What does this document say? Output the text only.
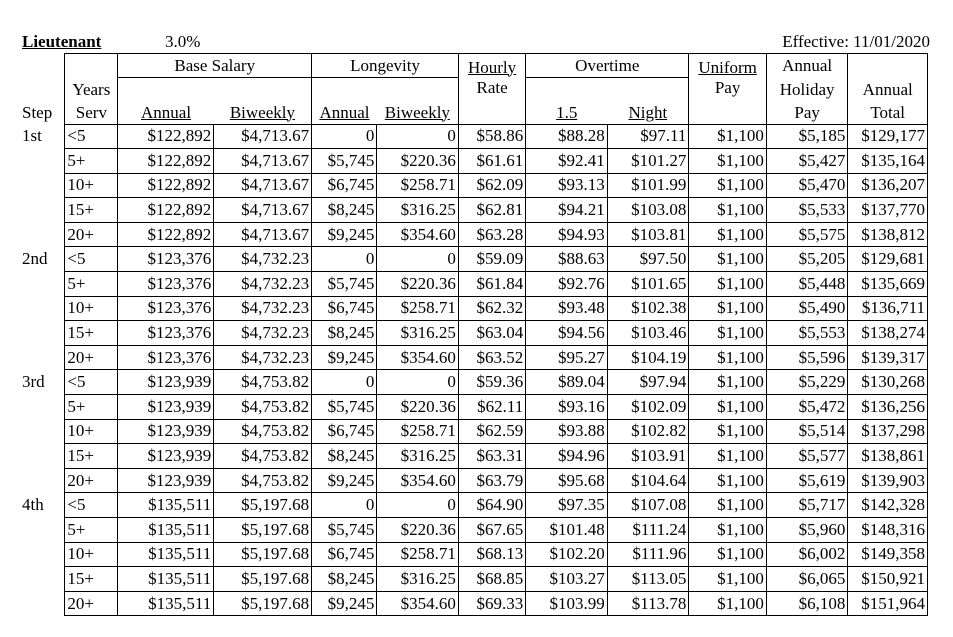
Lieutenant	3.0%	Effective: 11/01/2020
		Base Salary		Longevity		Hourly	Overtime		Uniform	Annual	
	Years					Rate			Pay	Holiday	Annual
Step	Serv	Annual	Biweekly	Annual	Biweekly		1.5	Night		Pay	Total
1st	<5	$122,892	$4,713.67	0	0	$58.86	$88.28	$97.11	$1,100	$5,185	$129,177
	5+	$122,892	$4,713.67	$5,745	$220.36	$61.61	$92.41	$101.27	$1,100	$5,427	$135,164
	10+	$122,892	$4,713.67	$6,745	$258.71	$62.09	$93.13	$101.99	$1,100	$5,470	$136,207
	15+	$122,892	$4,713.67	$8,245	$316.25	$62.81	$94.21	$103.08	$1,100	$5,533	$137,770
	20+	$122,892	$4,713.67	$9,245	$354.60	$63.28	$94.93	$103.81	$1,100	$5,575	$138,812
2nd	<5	$123,376	$4,732.23	0	0	$59.09	$88.63	$97.50	$1,100	$5,205	$129,681
	5+	$123,376	$4,732.23	$5,745	$220.36	$61.84	$92.76	$101.65	$1,100	$5,448	$135,669
	10+	$123,376	$4,732.23	$6,745	$258.71	$62.32	$93.48	$102.38	$1,100	$5,490	$136,711
	15+	$123,376	$4,732.23	$8,245	$316.25	$63.04	$94.56	$103.46	$1,100	$5,553	$138,274
	20+	$123,376	$4,732.23	$9,245	$354.60	$63.52	$95.27	$104.19	$1,100	$5,596	$139,317
3rd	<5	$123,939	$4,753.82	0	0	$59.36	$89.04	$97.94	$1,100	$5,229	$130,268
	5+	$123,939	$4,753.82	$5,745	$220.36	$62.11	$93.16	$102.09	$1,100	$5,472	$136,256
	10+	$123,939	$4,753.82	$6,745	$258.71	$62.59	$93.88	$102.82	$1,100	$5,514	$137,298
	15+	$123,939	$4,753.82	$8,245	$316.25	$63.31	$94.96	$103.91	$1,100	$5,577	$138,861
	20+	$123,939	$4,753.82	$9,245	$354.60	$63.79	$95.68	$104.64	$1,100	$5,619	$139,903
4th	<5	$135,511	$5,197.68	0	0	$64.90	$97.35	$107.08	$1,100	$5,717	$142,328
	5+	$135,511	$5,197.68	$5,745	$220.36	$67.65	$101.48	$111.24	$1,100	$5,960	$148,316
	10+	$135,511	$5,197.68	$6,745	$258.71	$68.13	$102.20	$111.96	$1,100	$6,002	$149,358
	15+	$135,511	$5,197.68	$8,245	$316.25	$68.85	$103.27	$113.05	$1,100	$6,065	$150,921
	20+	$135,511	$5,197.68	$9,245	$354.60	$69.33	$103.99	$113.78	$1,100	$6,108	$151,964
